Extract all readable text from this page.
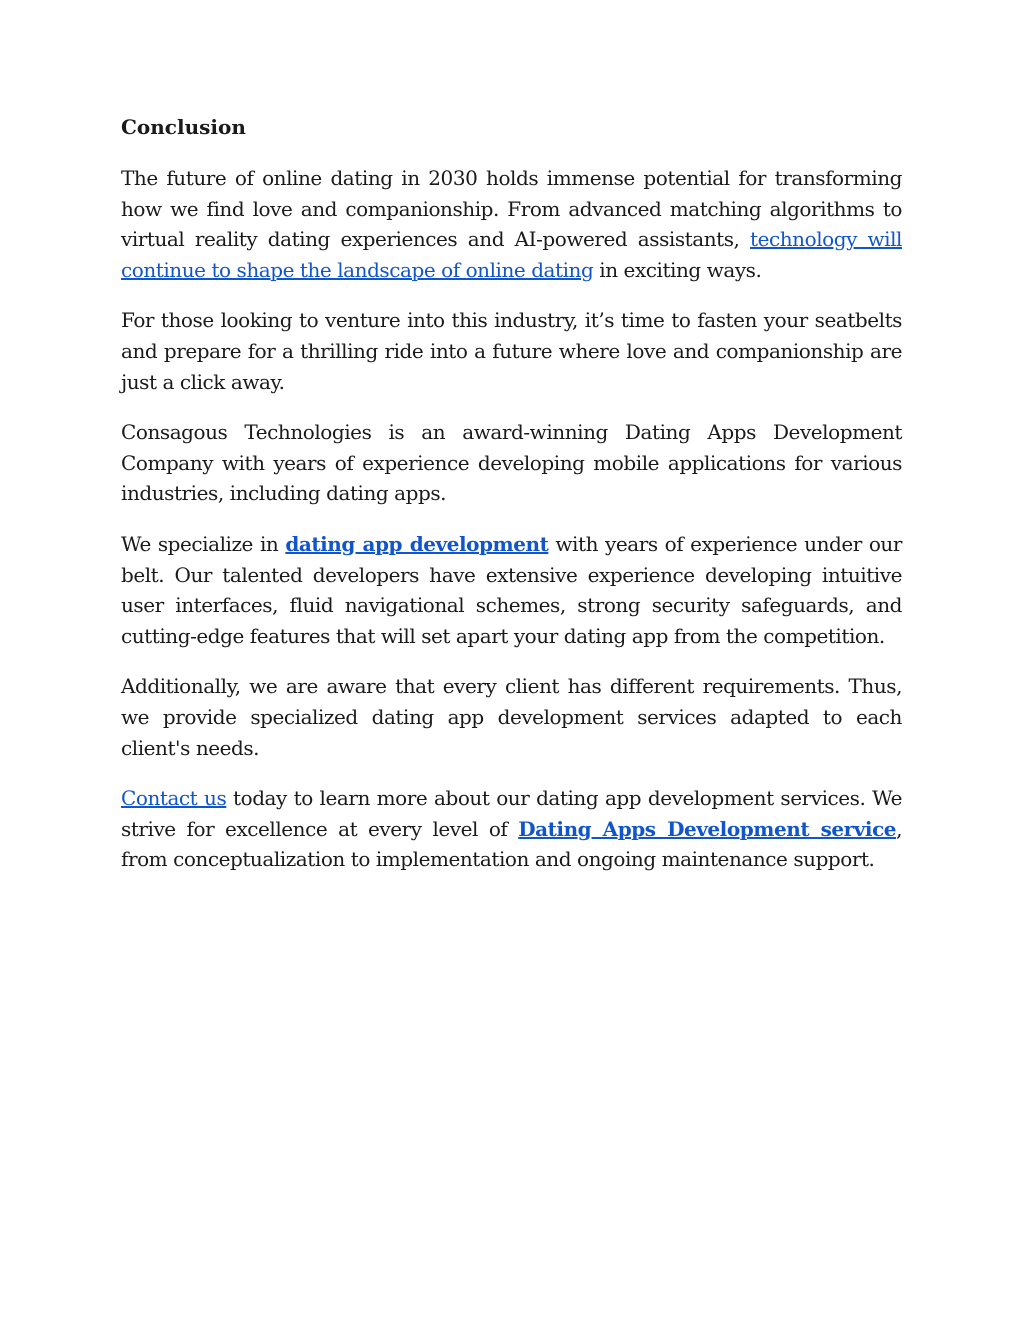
Conclusion

The future of online dating in 2030 holds immense potential for transforming how we find love and companionship. From advanced matching algorithms to virtual reality dating experiences and AI-powered assistants, technology will continue to shape the landscape of online dating in exciting ways.

For those looking to venture into this industry, it’s time to fasten your seatbelts and prepare for a thrilling ride into a future where love and companionship are just a click away.

Consagous Technologies is an award-winning Dating Apps Development Company with years of experience developing mobile applications for various industries, including dating apps.

We specialize in dating app development with years of experience under our belt. Our talented developers have extensive experience developing intuitive user interfaces, fluid navigational schemes, strong security safeguards, and cutting-edge features that will set apart your dating app from the competition.

Additionally, we are aware that every client has different requirements. Thus, we provide specialized dating app development services adapted to each client's needs.

Contact us today to learn more about our dating app development services. We strive for excellence at every level of Dating Apps Development service, from conceptualization to implementation and ongoing maintenance support.
